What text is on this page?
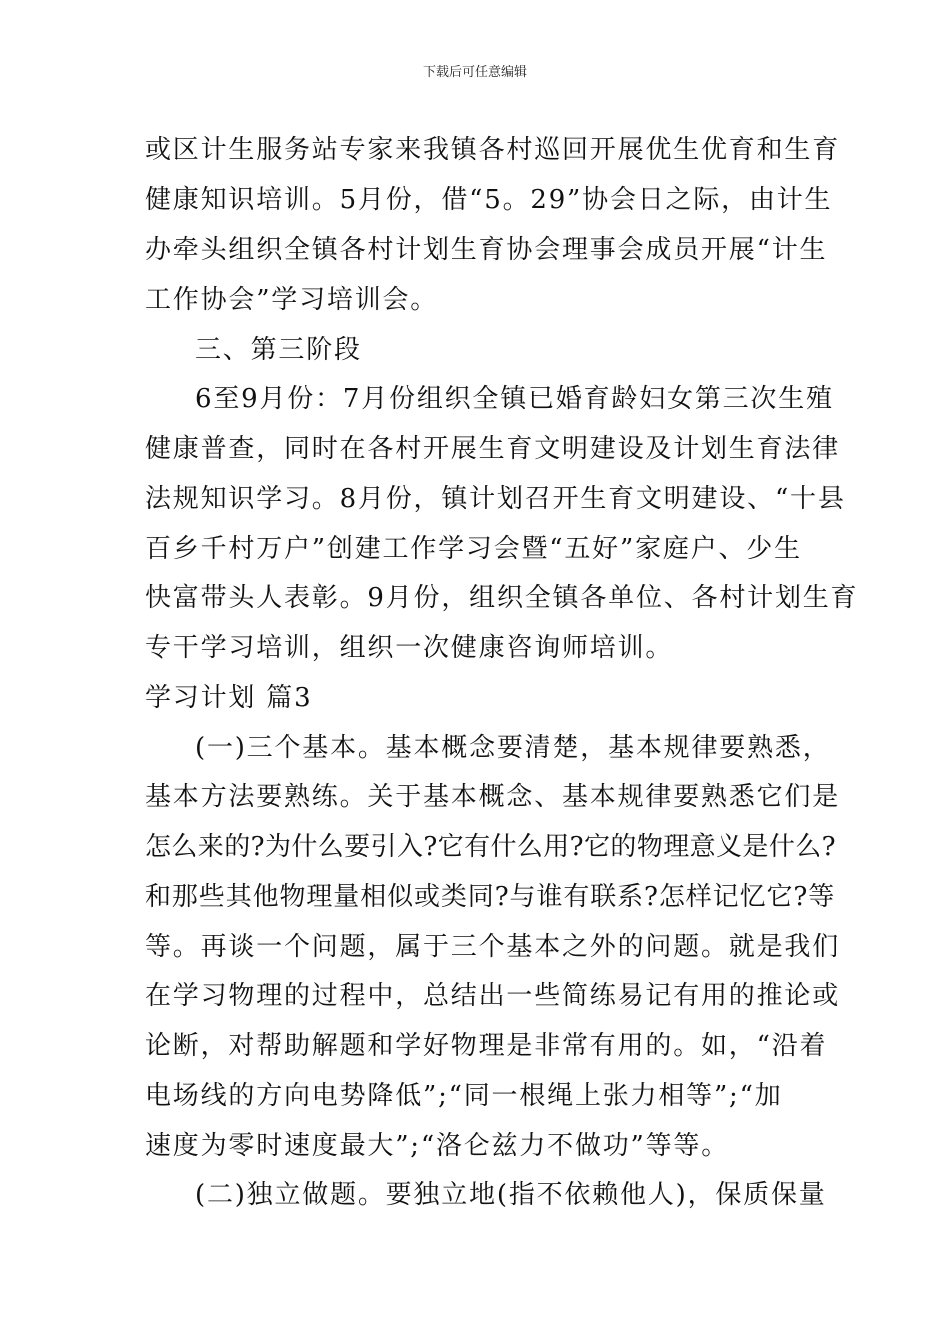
下载后可任意编辑
或区计生服务站专家来我镇各村巡回开展优生优育和生育
健康知识培训。5月份，借“5。29”协会日之际，由计生
办牵头组织全镇各村计划生育协会理事会成员开展“计生
工作协会”学习培训会。
三、第三阶段
6至9月份：7月份组织全镇已婚育龄妇女第三次生殖
健康普查，同时在各村开展生育文明建设及计划生育法律
法规知识学习。8月份，镇计划召开生育文明建设、“十县
百乡千村万户”创建工作学习会暨“五好”家庭户、少生
快富带头人表彰。9月份，组织全镇各单位、各村计划生育
专干学习培训，组织一次健康咨询师培训。
学习计划 篇3
(一)三个基本。基本概念要清楚，基本规律要熟悉，
基本方法要熟练。关于基本概念、基本规律要熟悉它们是
怎么来的?为什么要引入?它有什么用?它的物理意义是什么?
和那些其他物理量相似或类同?与谁有联系?怎样记忆它?等
等。再谈一个问题，属于三个基本之外的问题。就是我们
在学习物理的过程中，总结出一些简练易记有用的推论或
论断，对帮助解题和学好物理是非常有用的。如，“沿着
电场线的方向电势降低”;“同一根绳上张力相等”;“加
速度为零时速度最大”;“洛仑兹力不做功”等等。
(二)独立做题。要独立地(指不依赖他人)，保质保量
